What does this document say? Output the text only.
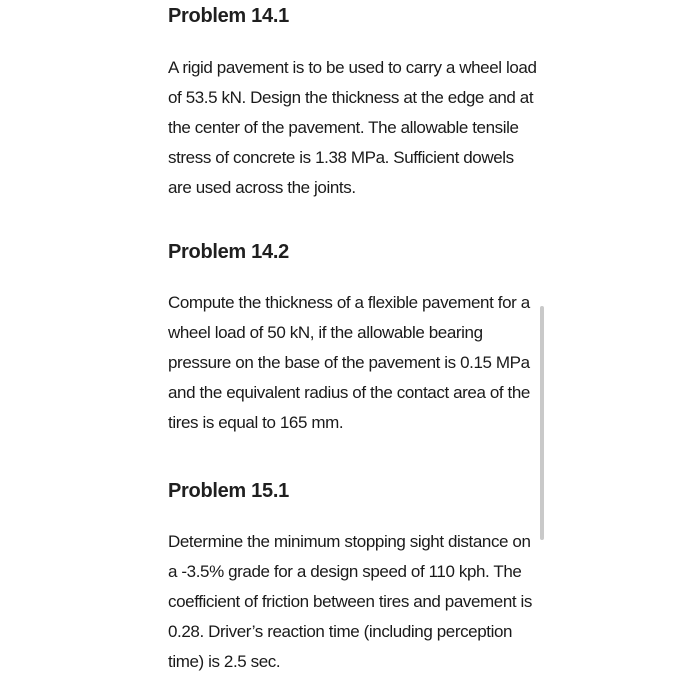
Problem 14.1

A rigid pavement is to be used to carry a wheel load of 53.5 kN. Design the thickness at the edge and at the center of the pavement. The allowable tensile stress of concrete is 1.38 MPa. Sufficient dowels are used across the joints.

Problem 14.2

Compute the thickness of a flexible pavement for a wheel load of 50 kN, if the allowable bearing pressure on the base of the pavement is 0.15 MPa and the equivalent radius of the contact area of the tires is equal to 165 mm.

Problem 15.1

Determine the minimum stopping sight distance on a -3.5% grade for a design speed of 110 kph. The coefficient of friction between tires and pavement is 0.28. Driver’s reaction time (including perception time) is 2.5 sec.
